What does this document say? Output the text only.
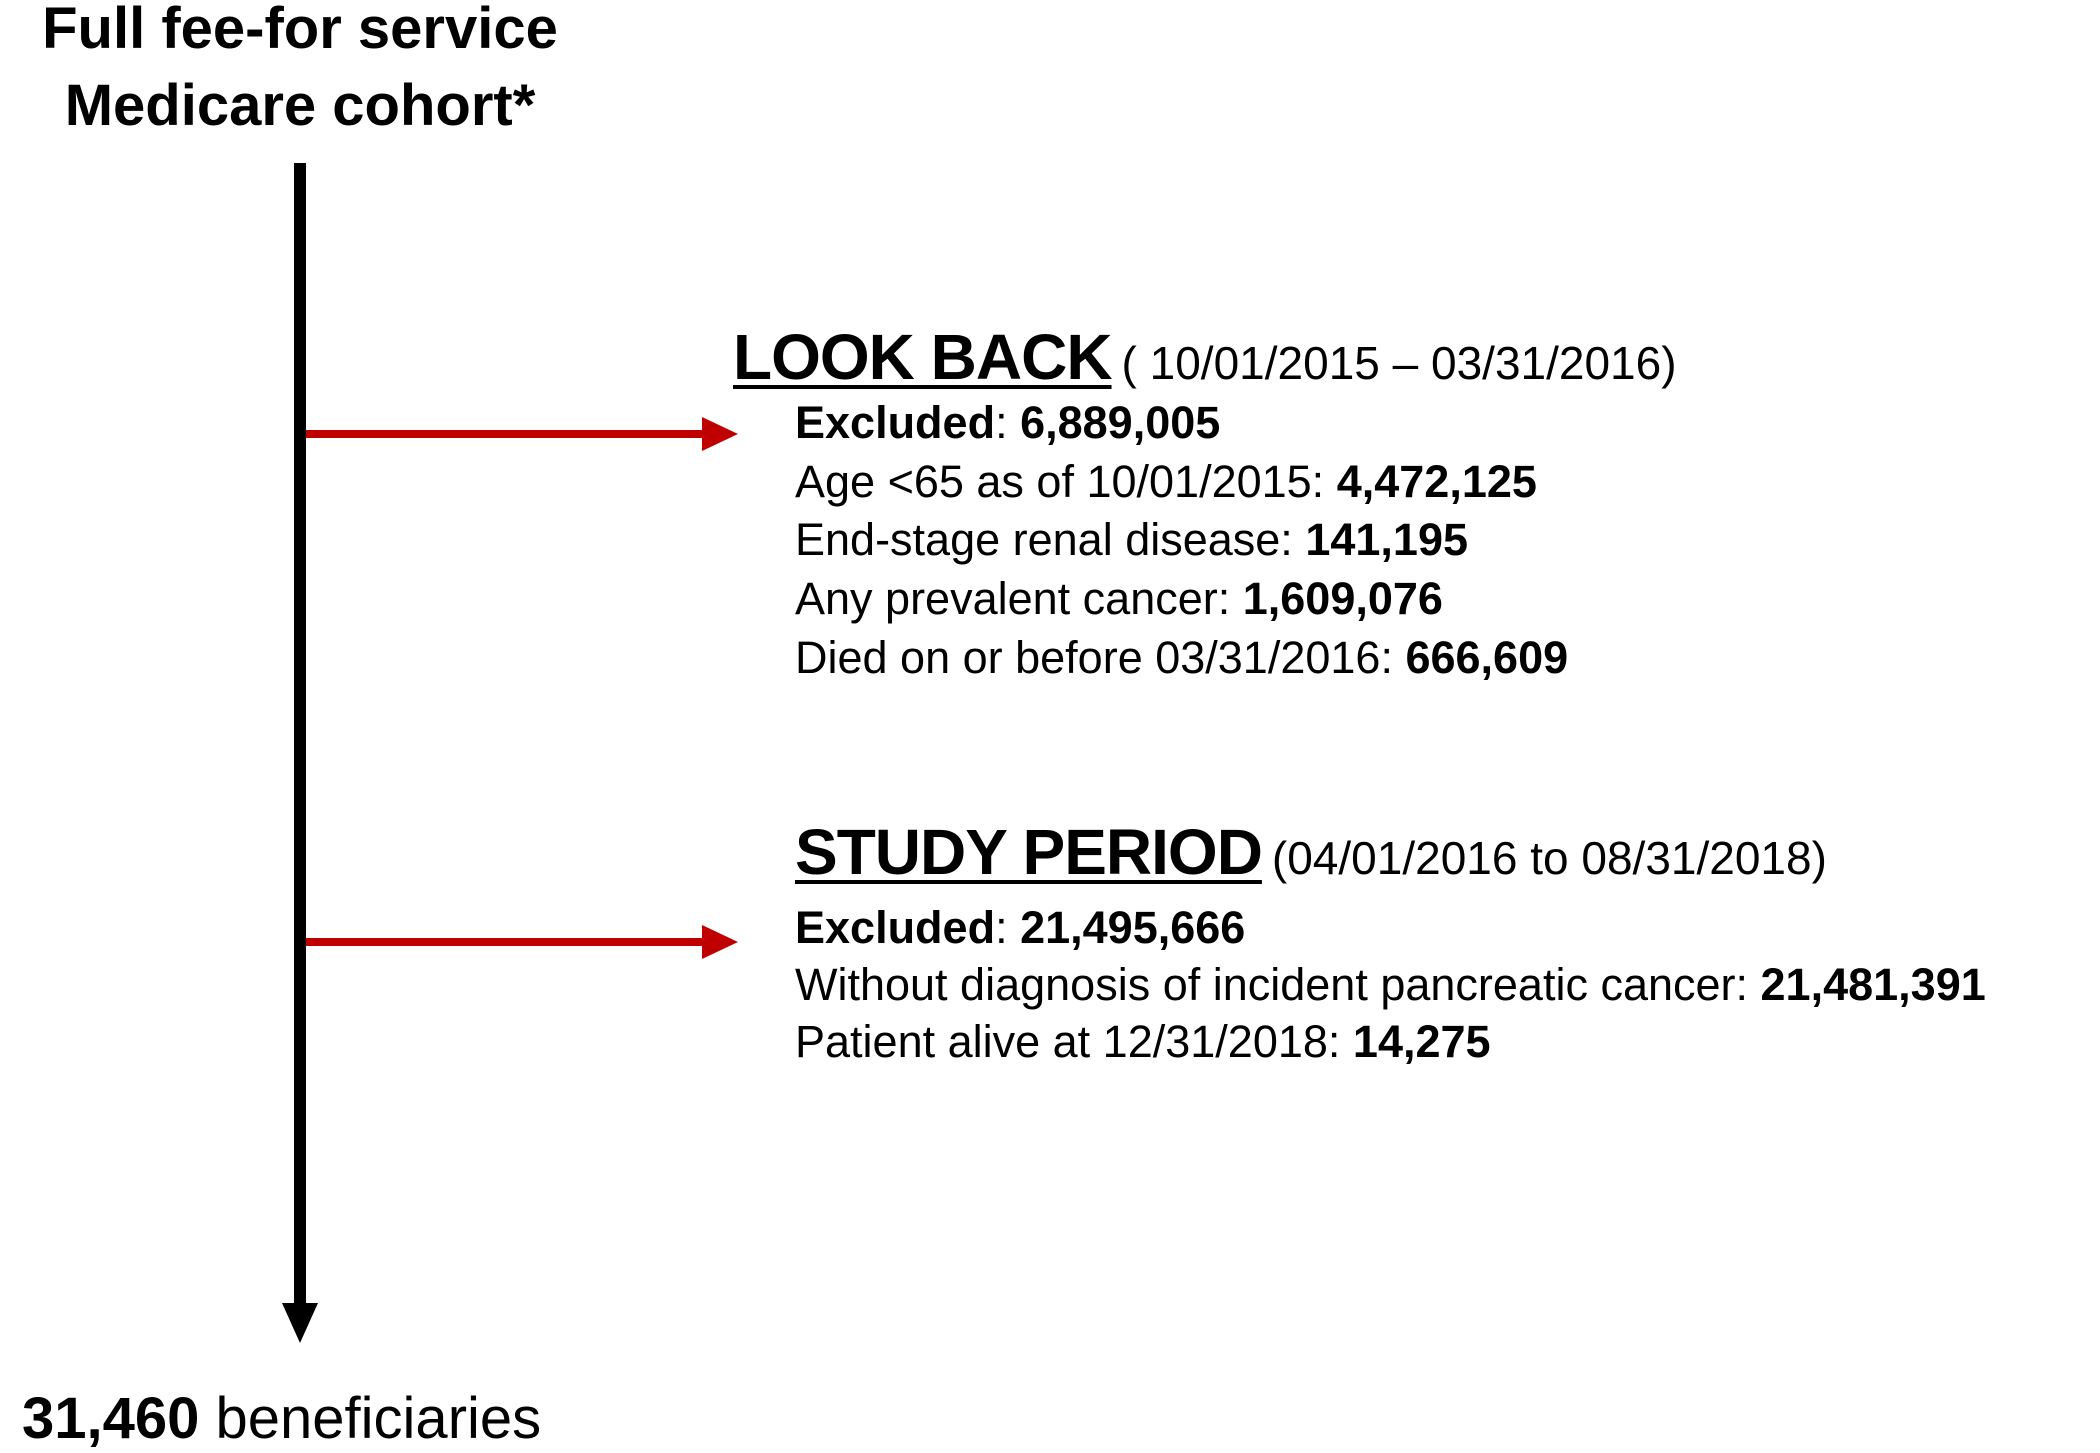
Full fee-for service
Medicare cohort*
LOOK BACK ( 10/01/2015 – 03/31/2016)
Excluded: 6,889,005
Age <65 as of 10/01/2015: 4,472,125
End-stage renal disease: 141,195
Any prevalent cancer: 1,609,076
Died on or before 03/31/2016: 666,609
STUDY PERIOD (04/01/2016 to 08/31/2018)
Excluded: 21,495,666
Without diagnosis of incident pancreatic cancer: 21,481,391
Patient alive at 12/31/2018: 14,275
31,460 beneficiaries
